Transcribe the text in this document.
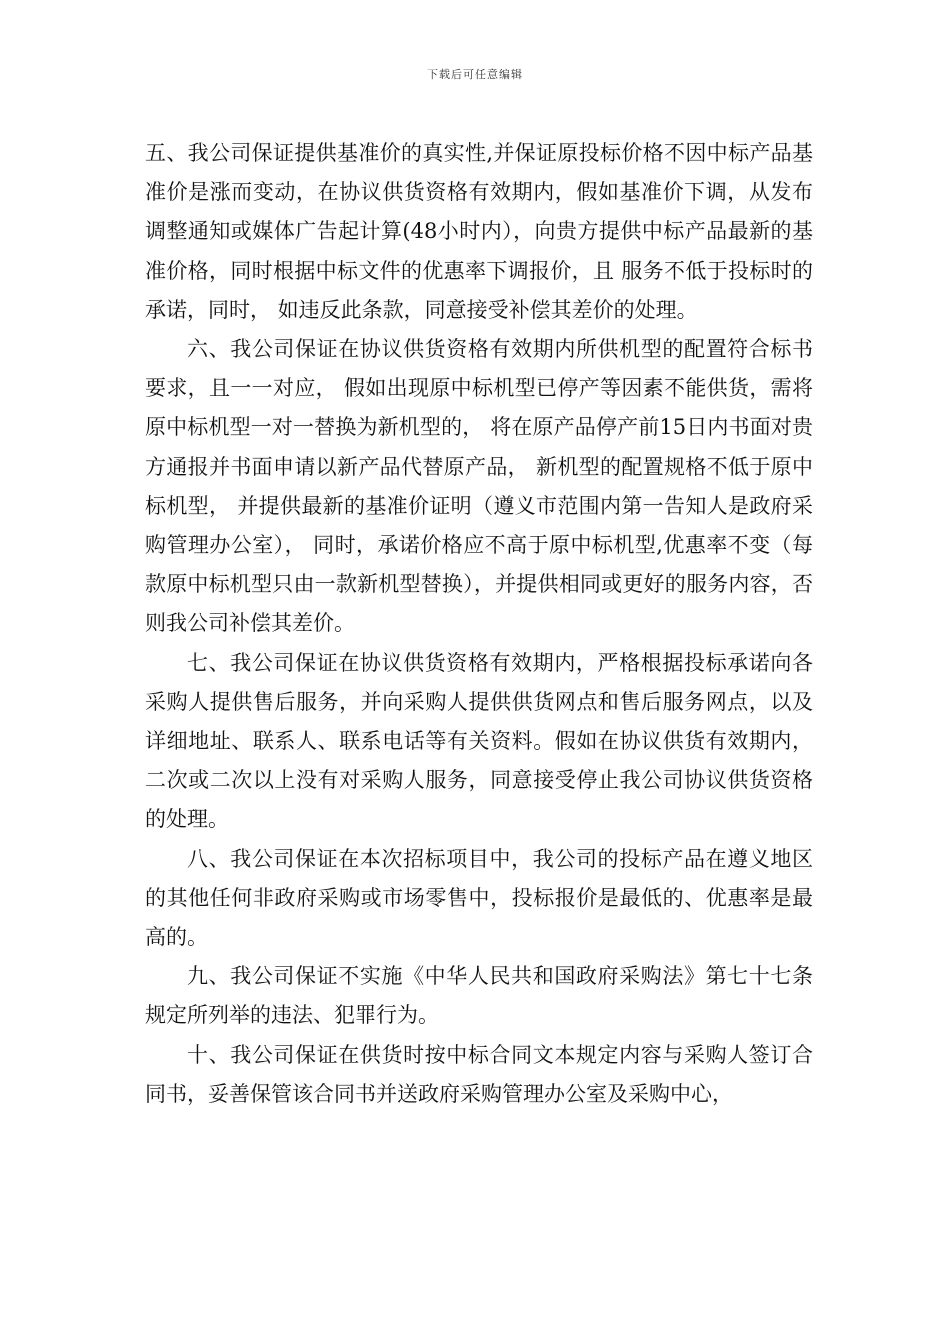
下载后可任意编辑

五、我公司保证提供基准价的真实性,并保证原投标价格不因中标产品基准价是涨而变动，在协议供货资格有效期内，假如基准价下调，从发布调整通知或媒体广告起计算(48小时内），向贵方提供中标产品最新的基准价格，同时根据中标文件的优惠率下调报价，且 服务不低于投标时的承诺，同时， 如违反此条款，同意接受补偿其差价的处理。

六、我公司保证在协议供货资格有效期内所供机型的配置符合标书要求，且一一对应， 假如出现原中标机型已停产等因素不能供货，需将原中标机型一对一替换为新机型的， 将在原产品停产前15日内书面对贵方通报并书面申请以新产品代替原产品， 新机型的配置规格不低于原中标机型， 并提供最新的基准价证明（遵义市范围内第一告知人是政府采购管理办公室）， 同时，承诺价格应不高于原中标机型,优惠率不变（每款原中标机型只由一款新机型替换），并提供相同或更好的服务内容，否则我公司补偿其差价。

七、我公司保证在协议供货资格有效期内，严格根据投标承诺向各采购人提供售后服务，并向采购人提供供货网点和售后服务网点，以及详细地址、联系人、联系电话等有关资料。假如在协议供货有效期内，二次或二次以上没有对采购人服务，同意接受停止我公司协议供货资格的处理。

八、我公司保证在本次招标项目中，我公司的投标产品在遵义地区的其他任何非政府采购或市场零售中，投标报价是最低的、优惠率是最高的。

九、我公司保证不实施《中华人民共和国政府采购法》第七十七条规定所列举的违法、犯罪行为。

十、我公司保证在供货时按中标合同文本规定内容与采购人签订合同书，妥善保管该合同书并送政府采购管理办公室及采购中心，
